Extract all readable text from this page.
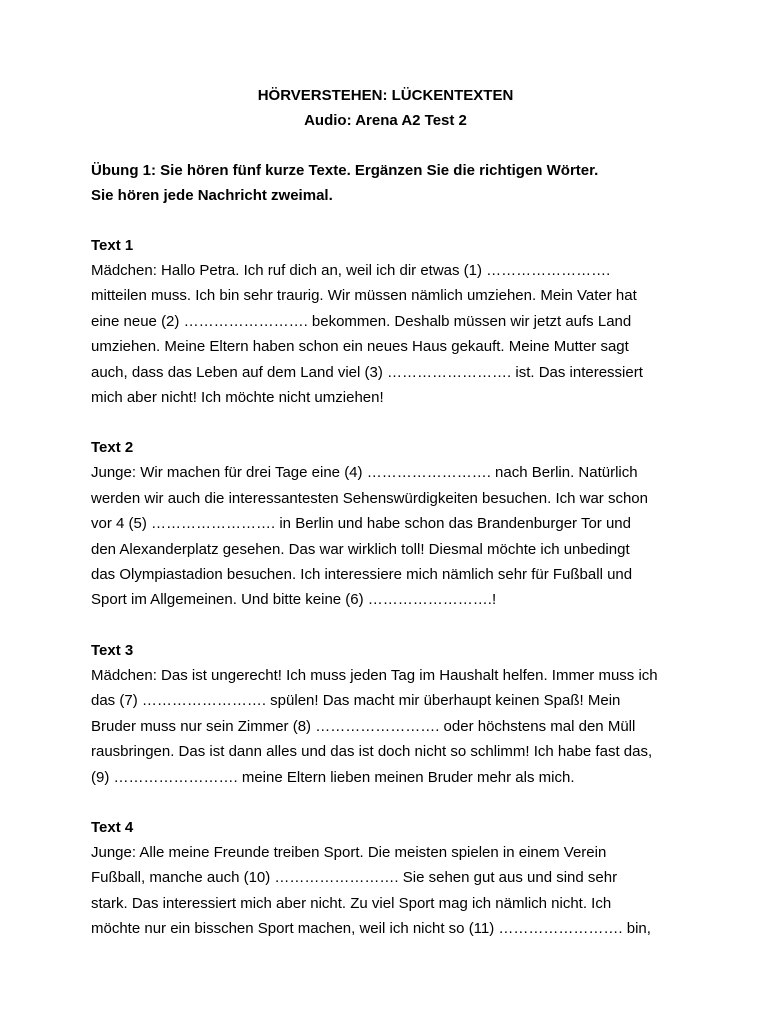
HÖRVERSTEHEN: LÜCKENTEXTEN

Audio: Arena A2 Test 2

Übung 1: Sie hören fünf kurze Texte. Ergänzen Sie die richtigen Wörter.
Sie hören jede Nachricht zweimal.

Text 1

Mädchen: Hallo Petra. Ich ruf dich an, weil ich dir etwas (1) …………………….

mitteilen muss. Ich bin sehr traurig. Wir müssen nämlich umziehen. Mein Vater hat

eine neue (2) ……………………. bekommen. Deshalb müssen wir jetzt aufs Land

umziehen. Meine Eltern haben schon ein neues Haus gekauft. Meine Mutter sagt

auch, dass das Leben auf dem Land viel (3) ……………………. ist. Das interessiert

mich aber nicht! Ich möchte nicht umziehen!

Text 2

Junge: Wir machen für drei Tage eine (4) ……………………. nach Berlin. Natürlich

werden wir auch die interessantesten Sehenswürdigkeiten besuchen. Ich war schon

vor 4 (5) ……………………. in Berlin und habe schon das Brandenburger Tor und

den Alexanderplatz gesehen. Das war wirklich toll! Diesmal möchte ich unbedingt

das Olympiastadion besuchen. Ich interessiere mich nämlich sehr für Fußball und

Sport im Allgemeinen. Und bitte keine (6) …………………….!

Text 3

Mädchen: Das ist ungerecht! Ich muss jeden Tag im Haushalt helfen. Immer muss ich

das (7) ……………………. spülen! Das macht mir überhaupt keinen Spaß! Mein

Bruder muss nur sein Zimmer (8) ……………………. oder höchstens mal den Müll

rausbringen. Das ist dann alles und das ist doch nicht so schlimm! Ich habe fast das,

(9) ……………………. meine Eltern lieben meinen Bruder mehr als mich.

Text 4

Junge: Alle meine Freunde treiben Sport. Die meisten spielen in einem Verein

Fußball, manche auch (10) ……………………. Sie sehen gut aus und sind sehr

stark. Das interessiert mich aber nicht. Zu viel Sport mag ich nämlich nicht. Ich

möchte nur ein bisschen Sport machen, weil ich nicht so (11) ……………………. bin,
